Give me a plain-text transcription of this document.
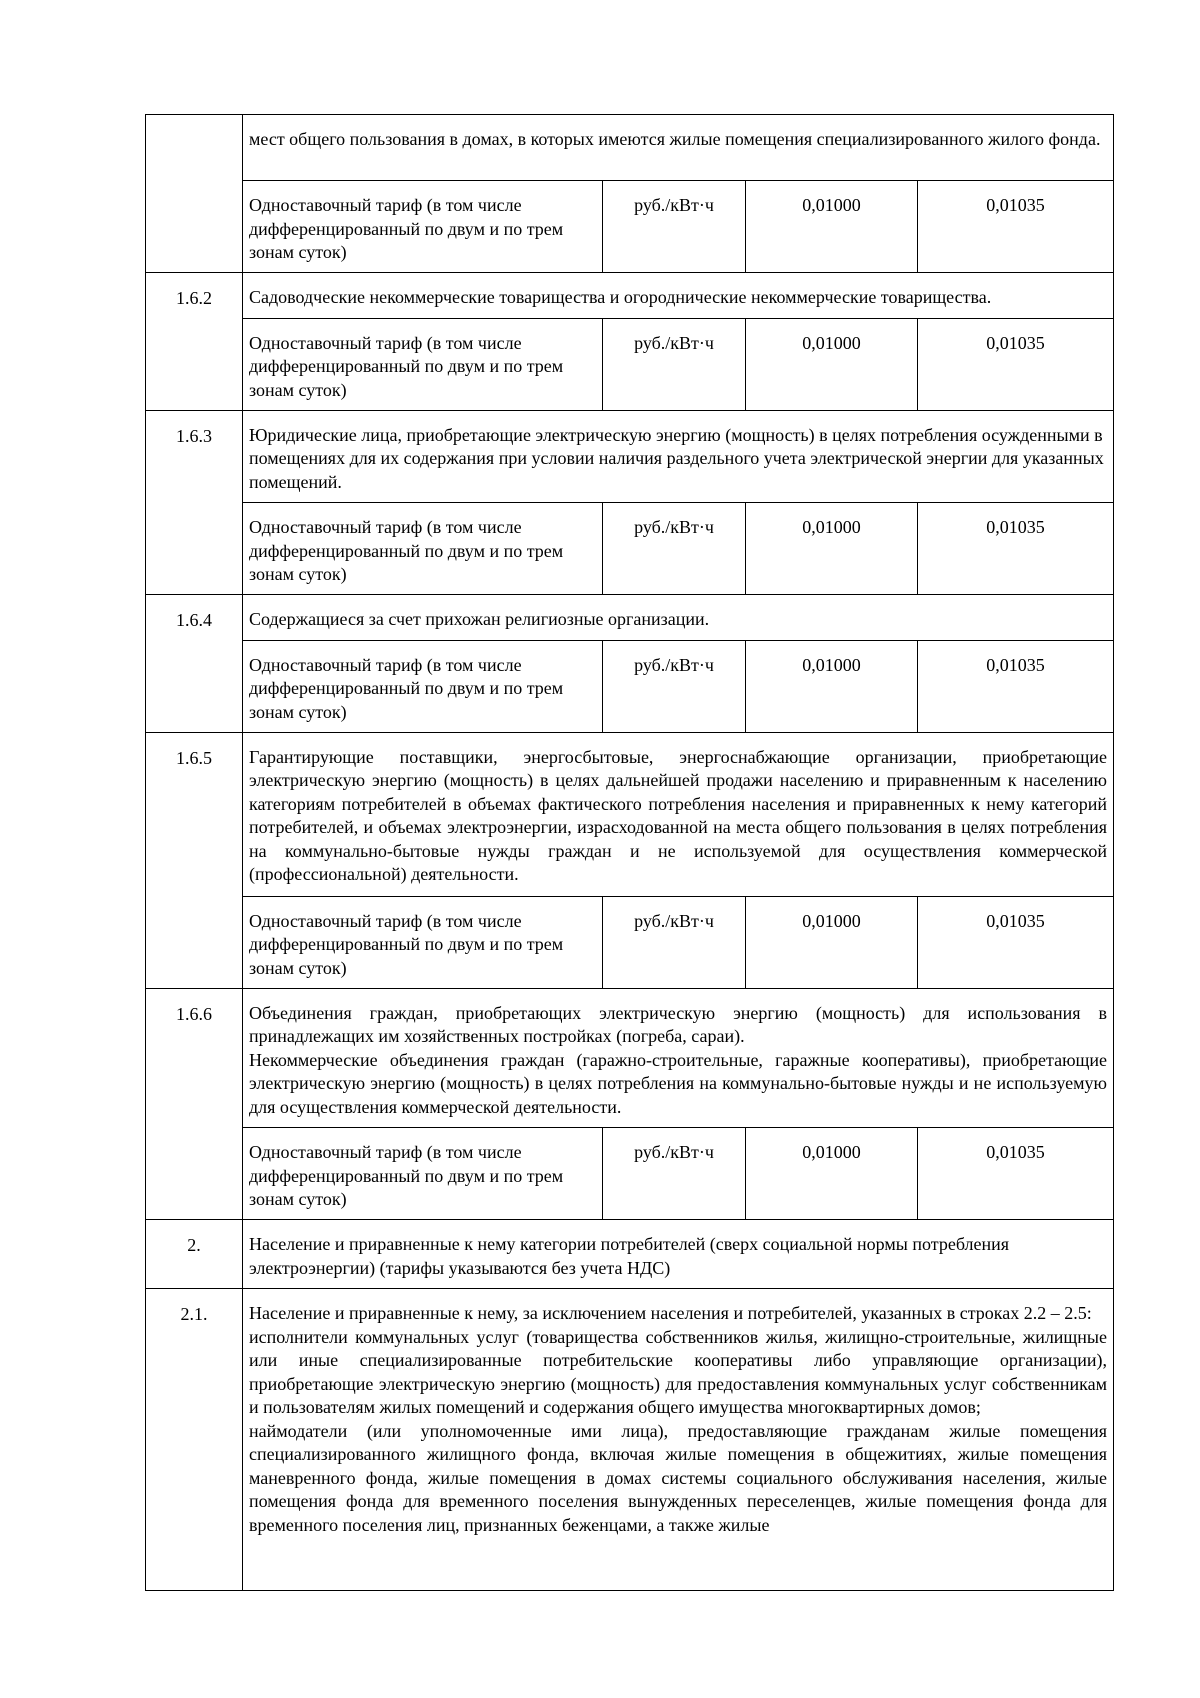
	мест общего пользования в домах, в которых имеются жилые помещения специализированного жилого фонда.			
	Одноставочный тариф (в том числе дифференцированный по двум и по трем зонам суток)	руб./кВт·ч	0,01000	0,01035
1.6.2	Садоводческие некоммерческие товарищества и огороднические некоммерческие товарищества.			
	Одноставочный тариф (в том числе дифференцированный по двум и по трем зонам суток)	руб./кВт·ч	0,01000	0,01035
1.6.3	Юридические лица, приобретающие электрическую энергию (мощность) в целях потребления осужденными в помещениях для их содержания при условии наличия раздельного учета электрической энергии для указанных помещений.			
	Одноставочный тариф (в том числе дифференцированный по двум и по трем зонам суток)	руб./кВт·ч	0,01000	0,01035
1.6.4	Содержащиеся за счет прихожан религиозные организации.			
	Одноставочный тариф (в том числе дифференцированный по двум и по трем зонам суток)	руб./кВт·ч	0,01000	0,01035
1.6.5	Гарантирующие поставщики, энергосбытовые, энергоснабжающие организации, приобретающие электрическую энергию (мощность) в целях дальнейшей продажи населению и приравненным к населению категориям потребителей в объемах фактического потребления населения и приравненных к нему категорий потребителей, и объемах электроэнергии, израсходованной на места общего пользования в целях потребления на коммунально-бытовые нужды граждан и не используемой для осуществления коммерческой (профессиональной) деятельности.			
	Одноставочный тариф (в том числе дифференцированный по двум и по трем зонам суток)	руб./кВт·ч	0,01000	0,01035
1.6.6	Объединения граждан, приобретающих электрическую энергию (мощность) для использования в принадлежащих им хозяйственных постройках (погреба, сараи).

Некоммерческие объединения граждан (гаражно-строительные, гаражные кооперативы), приобретающие электрическую энергию (мощность) в целях потребления на коммунально-бытовые нужды и не используемую для осуществления коммерческой деятельности.			

	Одноставочный тариф (в том числе дифференцированный по двум и по трем зонам суток)	руб./кВт·ч	0,01000	0,01035
2.	Население и приравненные к нему категории потребителей (сверх социальной нормы потребления электроэнергии) (тарифы указываются без учета НДС)			
2.1.	Население и приравненные к нему, за исключением населения и потребителей, указанных в строках 2.2 – 2.5:

исполнители коммунальных услуг (товарищества собственников жилья, жилищно-строительные, жилищные или иные специализированные потребительские кооперативы либо управляющие организации), приобретающие электрическую энергию (мощность) для предоставления коммунальных услуг собственникам и пользователям жилых помещений и содержания общего имущества многоквартирных домов;

наймодатели (или уполномоченные ими лица), предоставляющие гражданам жилые помещения специализированного жилищного фонда, включая жилые помещения в общежитиях, жилые помещения маневренного фонда, жилые помещения в домах системы социального обслуживания населения, жилые помещения фонда для временного поселения вынужденных переселенцев, жилые помещения фонда для временного поселения лиц, признанных беженцами, а также жилые			
